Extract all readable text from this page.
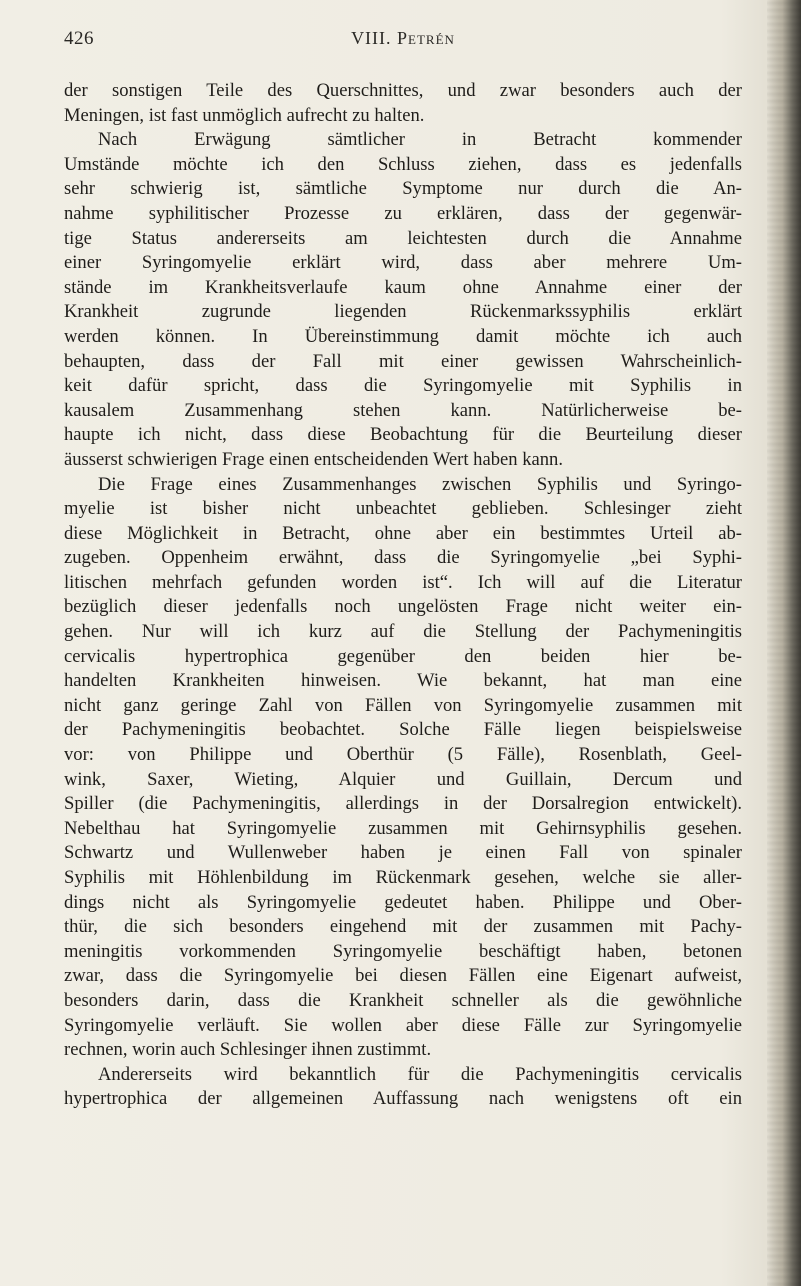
426	VIII. Petrén
der sonstigen Teile des Querschnittes, und zwar besonders auch der
Meningen, ist fast unmöglich aufrecht zu halten.
Nach Erwägung sämtlicher in Betracht kommender
Umstände möchte ich den Schluss ziehen, dass es jedenfalls
sehr schwierig ist, sämtliche Symptome nur durch die An-
nahme syphilitischer Prozesse zu erklären, dass der gegenwär-
tige Status andererseits am leichtesten durch die Annahme
einer Syringomyelie erklärt wird, dass aber mehrere Um-
stände im Krankheitsverlaufe kaum ohne Annahme einer der
Krankheit zugrunde liegenden Rückenmarkssyphilis erklärt
werden können. In Übereinstimmung damit möchte ich auch
behaupten, dass der Fall mit einer gewissen Wahrscheinlich-
keit dafür spricht, dass die Syringomyelie mit Syphilis in
kausalem Zusammenhang stehen kann. Natürlicherweise be-
haupte ich nicht, dass diese Beobachtung für die Beurteilung dieser
äusserst schwierigen Frage einen entscheidenden Wert haben kann.
Die Frage eines Zusammenhanges zwischen Syphilis und Syringo-
myelie ist bisher nicht unbeachtet geblieben. Schlesinger zieht
diese Möglichkeit in Betracht, ohne aber ein bestimmtes Urteil ab-
zugeben. Oppenheim erwähnt, dass die Syringomyelie „bei Syphi-
litischen mehrfach gefunden worden ist“. Ich will auf die Literatur
bezüglich dieser jedenfalls noch ungelösten Frage nicht weiter ein-
gehen. Nur will ich kurz auf die Stellung der Pachymeningitis
cervicalis hypertrophica gegenüber den beiden hier be-
handelten Krankheiten hinweisen. Wie bekannt, hat man eine
nicht ganz geringe Zahl von Fällen von Syringomyelie zusammen mit
der Pachymeningitis beobachtet. Solche Fälle liegen beispielsweise
vor: von Philippe und Oberthür (5 Fälle), Rosenblath, Geel-
wink, Saxer, Wieting, Alquier und Guillain, Dercum und
Spiller (die Pachymeningitis, allerdings in der Dorsalregion entwickelt).
Nebelthau hat Syringomyelie zusammen mit Gehirnsyphilis gesehen.
Schwartz und Wullenweber haben je einen Fall von spinaler
Syphilis mit Höhlenbildung im Rückenmark gesehen, welche sie aller-
dings nicht als Syringomyelie gedeutet haben. Philippe und Ober-
thür, die sich besonders eingehend mit der zusammen mit Pachy-
meningitis vorkommenden Syringomyelie beschäftigt haben, betonen
zwar, dass die Syringomyelie bei diesen Fällen eine Eigenart aufweist,
besonders darin, dass die Krankheit schneller als die gewöhnliche
Syringomyelie verläuft. Sie wollen aber diese Fälle zur Syringomyelie
rechnen, worin auch Schlesinger ihnen zustimmt.
Andererseits wird bekanntlich für die Pachymeningitis cervicalis
hypertrophica der allgemeinen Auffassung nach wenigstens oft ein
